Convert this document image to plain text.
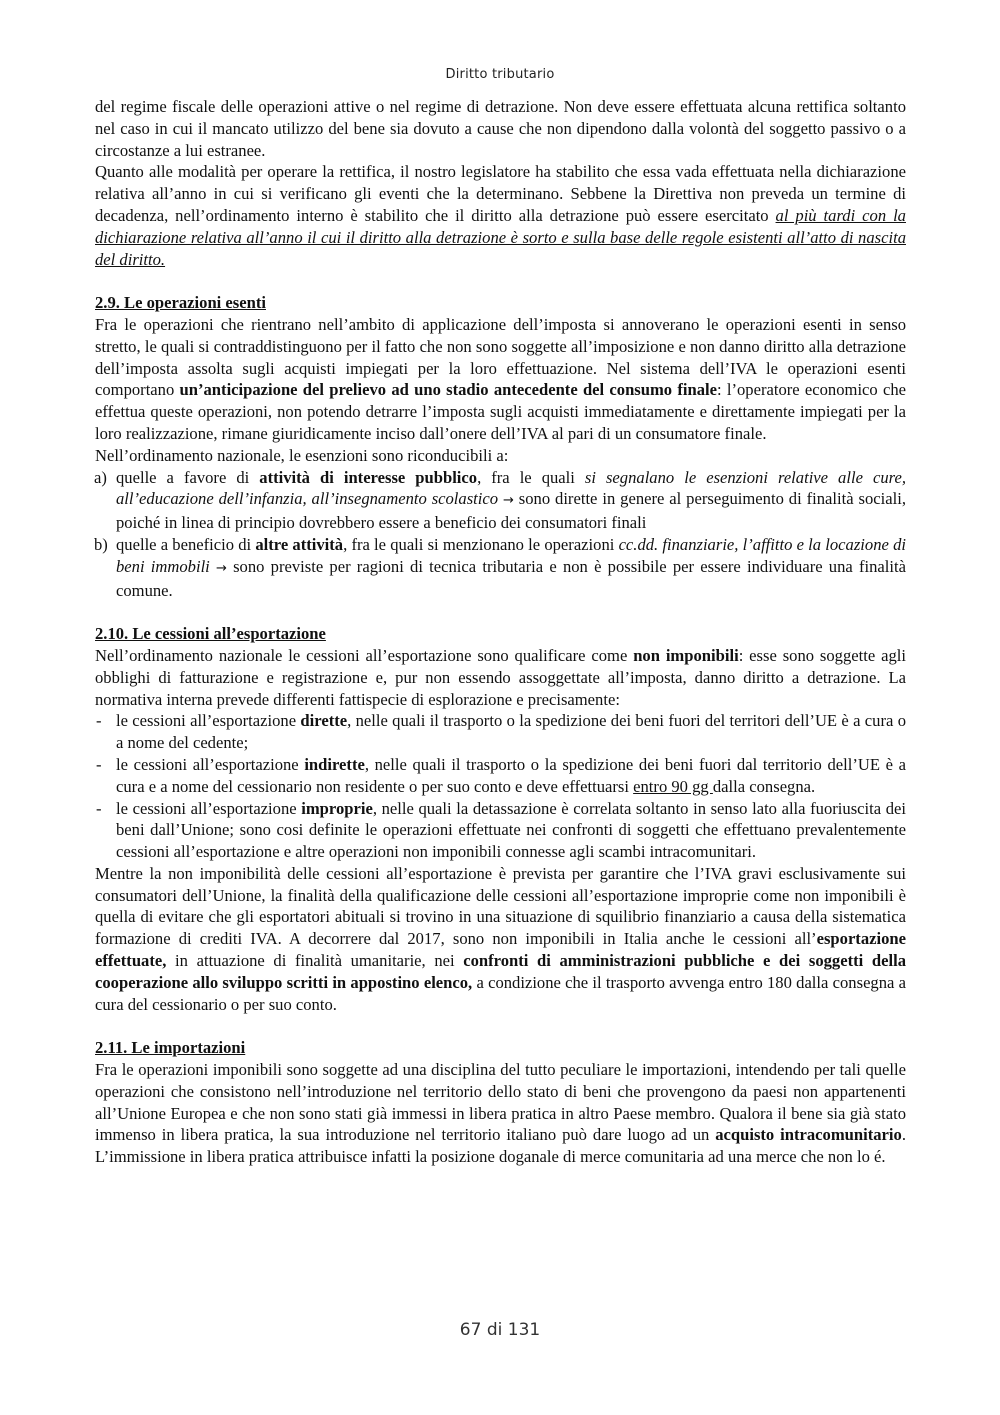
Diritto tributario

del regime fiscale delle operazioni attive o nel regime di detrazione. Non deve essere effettuata alcuna rettifica soltanto nel caso in cui il mancato utilizzo del bene sia dovuto a cause che non dipendono dalla volontà del soggetto passivo o a circostanze a lui estranee.

Quanto alle modalità per operare la rettifica, il nostro legislatore ha stabilito che essa vada effettuata nella dichiarazione relativa all’anno in cui si verificano gli eventi che la determinano. Sebbene la Direttiva non preveda un termine di decadenza, nell’ordinamento interno è stabilito che il diritto alla detrazione può essere esercitato al più tardi con la dichiarazione relativa all’anno il cui il diritto alla detrazione è sorto e sulla base delle regole esistenti all’atto di nascita del diritto.

2.9. Le operazioni esenti

Fra le operazioni che rientrano nell’ambito di applicazione dell’imposta si annoverano le operazioni esenti in senso stretto, le quali si contraddistinguono per il fatto che non sono soggette all’imposizione e non danno diritto alla detrazione dell’imposta assolta sugli acquisti impiegati per la loro effettuazione. Nel sistema dell’IVA le operazioni esenti comportano un’anticipazione del prelievo ad uno stadio antecedente del consumo finale: l’operatore economico che effettua queste operazioni, non potendo detrarre l’imposta sugli acquisti immediatamente e direttamente impiegati per la loro realizzazione, rimane giuridicamente inciso dall’onere dell’IVA al pari di un consumatore finale.

Nell’ordinamento nazionale, le esenzioni sono riconducibili a:

a) quelle a favore di attività di interesse pubblico, fra le quali si segnalano le esenzioni relative alle cure, all’educazione dell’infanzia, all’insegnamento scolastico → sono dirette in genere al perseguimento di finalità sociali, poiché in linea di principio dovrebbero essere a beneficio dei consumatori finali
b) quelle a beneficio di altre attività, fra le quali si menzionano le operazioni cc.dd. finanziarie, l’affitto e la locazione di beni immobili → sono previste per ragioni di tecnica tributaria e non è possibile per essere individuare una finalità comune.
2.10. Le cessioni all’esportazione

Nell’ordinamento nazionale le cessioni all’esportazione sono qualificare come non imponibili: esse sono soggette agli obblighi di fatturazione e registrazione e, pur non essendo assoggettate all’imposta, danno diritto a detrazione. La normativa interna prevede differenti fattispecie di esplorazione e precisamente:

- le cessioni all’esportazione dirette, nelle quali il trasporto o la spedizione dei beni fuori del territori dell’UE è a cura o a nome del cedente;
- le cessioni all’esportazione indirette, nelle quali il trasporto o la spedizione dei beni fuori dal territorio dell’UE è a cura e a nome del cessionario non residente o per suo conto e deve effettuarsi entro 90 gg dalla consegna.
- le cessioni all’esportazione improprie, nelle quali la detassazione è correlata soltanto in senso lato alla fuoriuscita dei beni dall’Unione; sono cosi definite le operazioni effettuate nei confronti di soggetti che effettuano prevalentemente cessioni all’esportazione e altre operazioni non imponibili connesse agli scambi intracomunitari.

Mentre la non imponibilità delle cessioni all’esportazione è prevista per garantire che l’IVA gravi esclusivamente sui consumatori dell’Unione, la finalità della qualificazione delle cessioni all’esportazione improprie come non imponibili è quella di evitare che gli esportatori abituali si trovino in una situazione di squilibrio finanziario a causa della sistematica formazione di crediti IVA. A decorrere dal 2017, sono non imponibili in Italia anche le cessioni all’esportazione effettuate, in attuazione di finalità umanitarie, nei confronti di amministrazioni pubbliche e dei soggetti della cooperazione allo sviluppo scritti in appostino elenco, a condizione che il trasporto avvenga entro 180 dalla consegna a cura del cessionario o per suo conto.

2.11. Le importazioni

Fra le operazioni imponibili sono soggette ad una disciplina del tutto peculiare le importazioni, intendendo per tali quelle operazioni che consistono nell’introduzione nel territorio dello stato di beni che provengono da paesi non appartenenti all’Unione Europea e che non sono stati già immessi in libera pratica in altro Paese membro. Qualora il bene sia già stato immenso in libera pratica, la sua introduzione nel territorio italiano può dare luogo ad un acquisto intracomunitario. L’immissione in libera pratica attribuisce infatti la posizione doganale di merce comunitaria ad una merce che non lo é.

67 di 131
